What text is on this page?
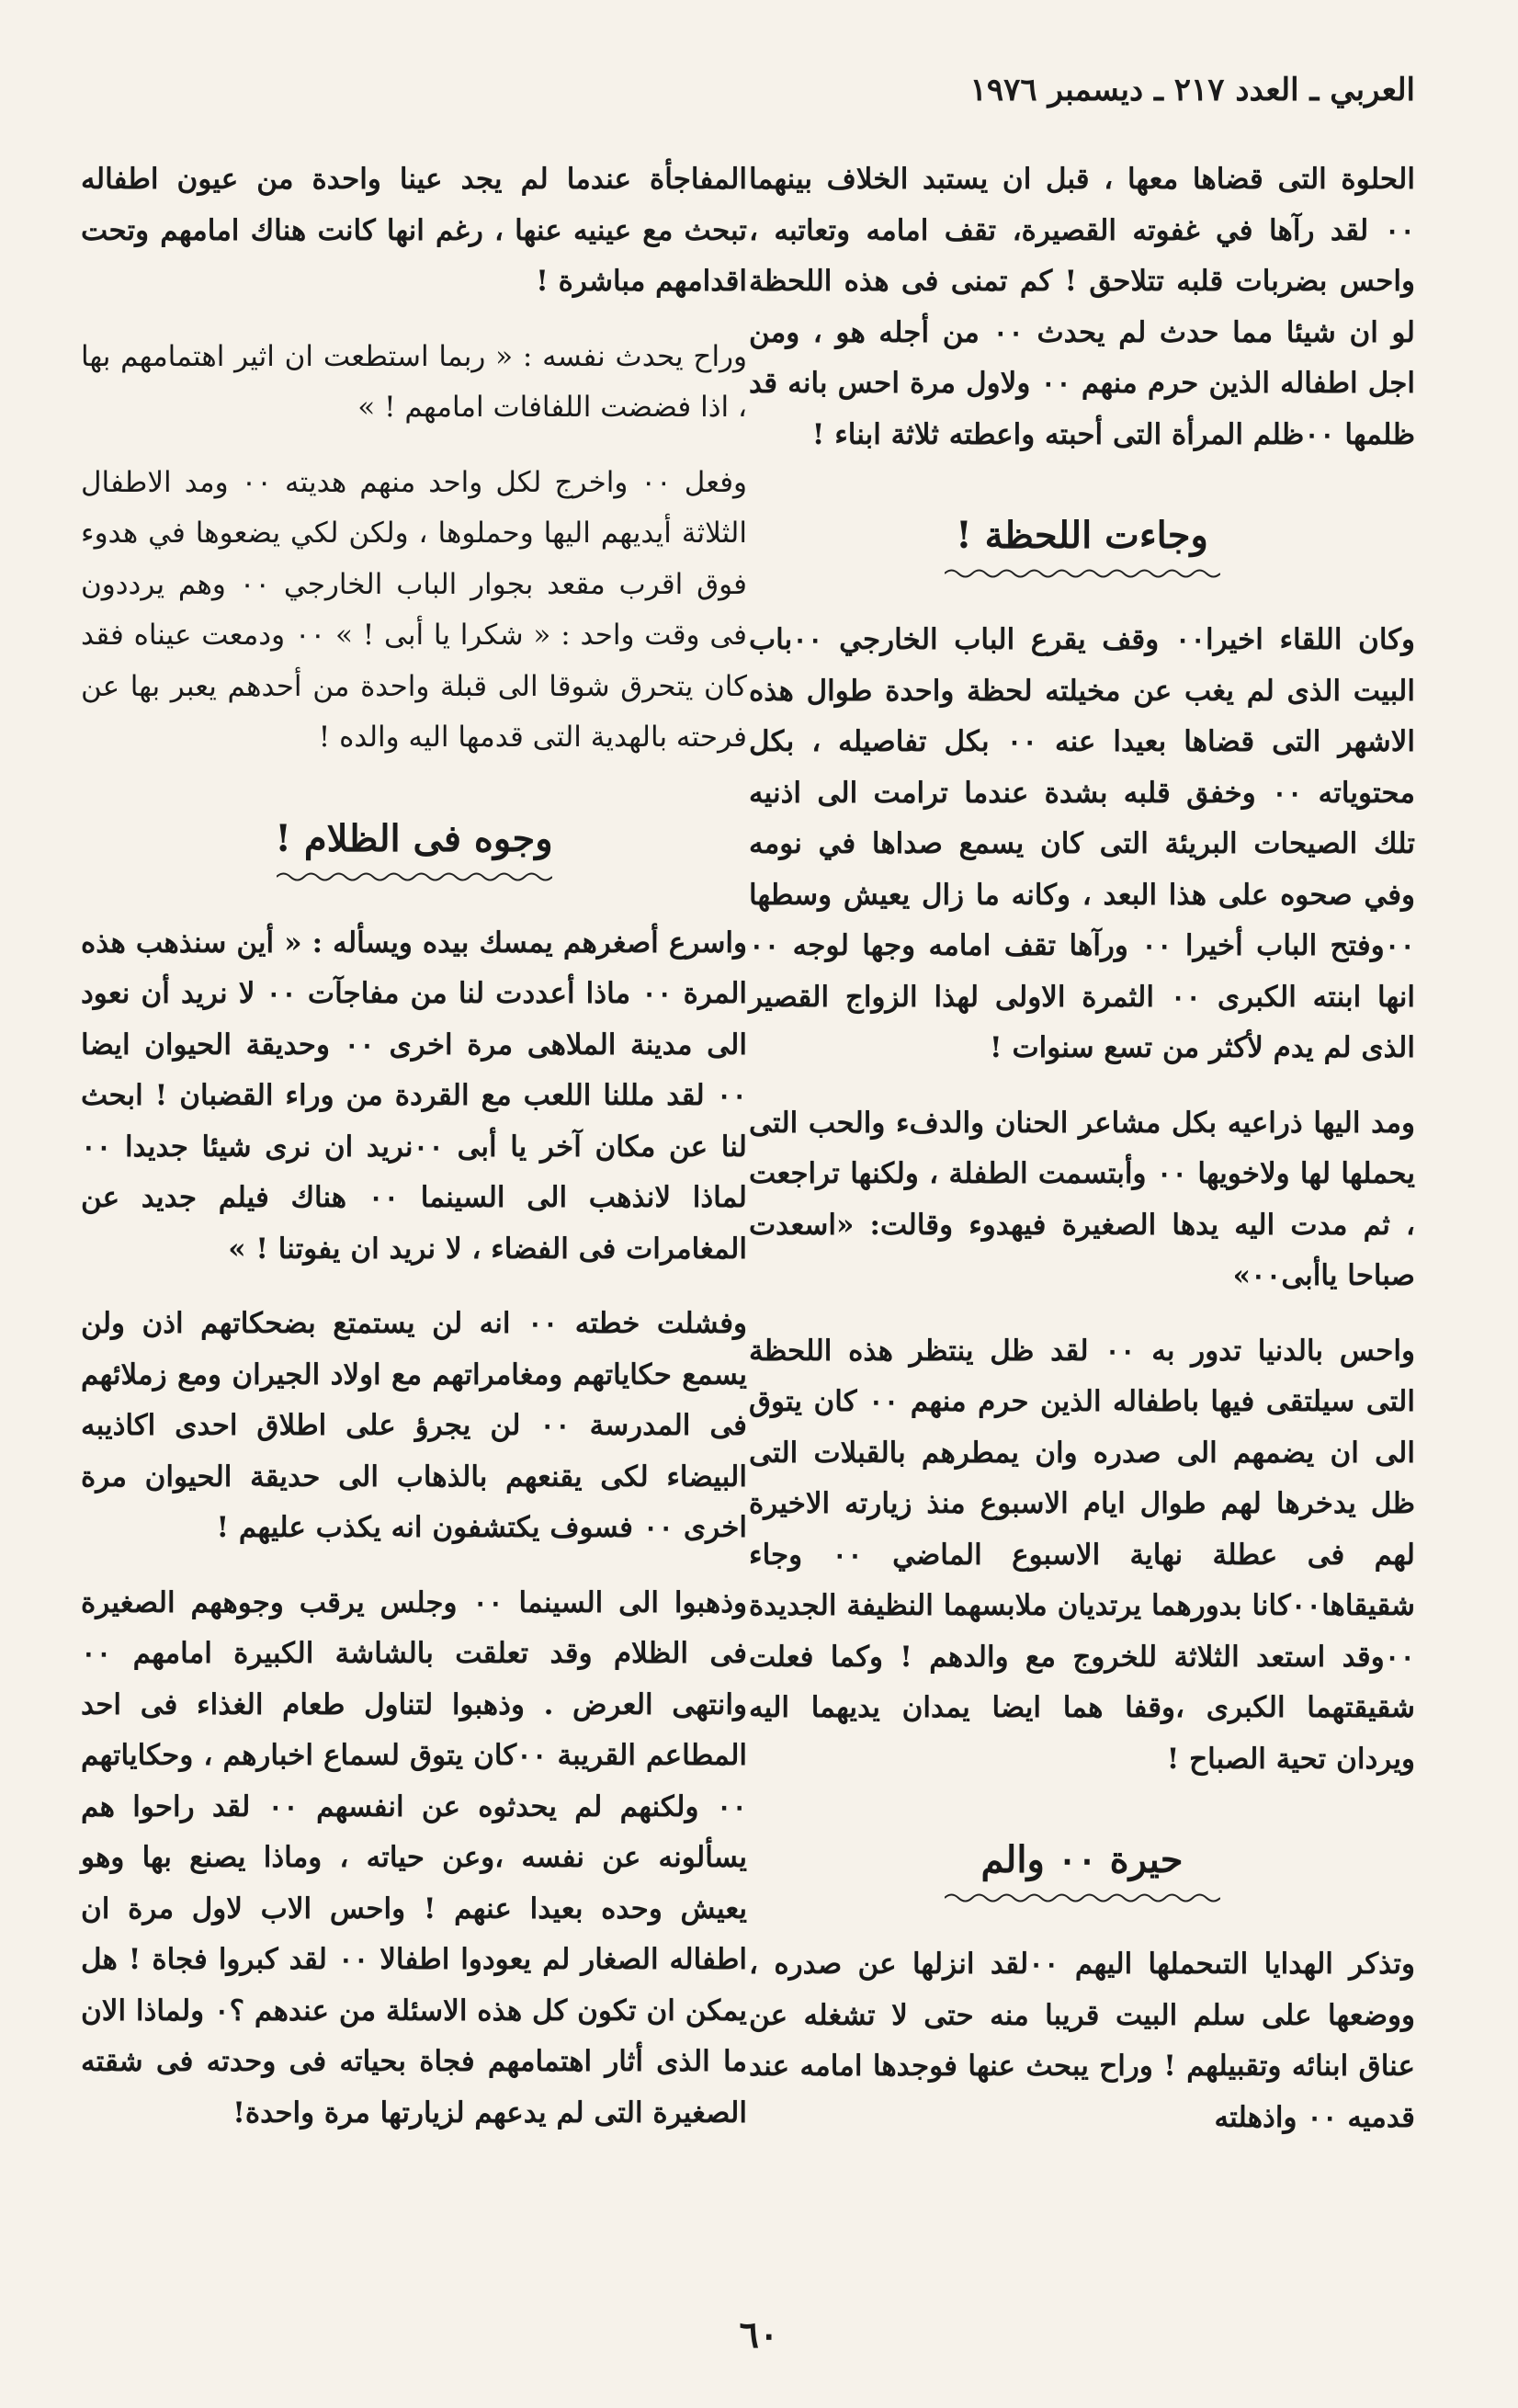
العربي ـ العدد ٢١٧ ـ ديسمبر ١٩٧٦

الحلوة التى قضاها معها ، قبل ان يستبد الخلاف بينهما ٠٠ لقد رآها في غفوته القصيرة، تقف امامه وتعاتبه ، واحس بضربات قلبه تتلاحق ! كم تمنى فى هذه اللحظة لو ان شيئا مما حدث لم يحدث ٠٠ من أجله هو ، ومن اجل اطفاله الذين حرم منهم ٠٠ ولاول مرة احس بانه قد ظلمها ٠٠ظلم المرأة التى أحبته واعطته ثلاثة ابناء !

وجاءت اللحظة !

وكان اللقاء اخيرا٠٠ وقف يقرع الباب الخارجي ٠٠باب البيت الذى لم يغب عن مخيلته لحظة واحدة طوال هذه الاشهر التى قضاها بعيدا عنه ٠٠ بكل تفاصيله ، بكل محتوياته ٠٠ وخفق قلبه بشدة عندما ترامت الى اذنيه تلك الصيحات البريئة التى كان يسمع صداها في نومه وفي صحوه على هذا البعد ، وكانه ما زال يعيش وسطها ٠٠وفتح الباب أخيرا ٠٠ ورآها تقف امامه وجها لوجه ٠٠ انها ابنته الكبرى ٠٠ الثمرة الاولى لهذا الزواج القصير الذى لم يدم لأكثر من تسع سنوات !

ومد اليها ذراعيه بكل مشاعر الحنان والدفء والحب التى يحملها لها ولاخويها ٠٠ وأبتسمت الطفلة ، ولكنها تراجعت ، ثم مدت اليه يدها الصغيرة فيهدوء وقالت: «اسعدت صباحا ياأبى٠٠»

واحس بالدنيا تدور به ٠٠ لقد ظل ينتظر هذه اللحظة التى سيلتقى فيها باطفاله الذين حرم منهم ٠٠ كان يتوق الى ان يضمهم الى صدره وان يمطرهم بالقبلات التى ظل يدخرها لهم طوال ايام الاسبوع منذ زيارته الاخيرة لهم فى عطلة نهاية الاسبوع الماضي ٠٠ وجاء شقيقاها٠٠كانا بدورهما يرتديان ملابسهما النظيفة الجديدة ٠٠وقد استعد الثلاثة للخروج مع والدهم ! وكما فعلت شقيقتهما الكبرى ،وقفا هما ايضا يمدان يديهما اليه ويردان تحية الصباح !

حيرة ٠٠ والم

وتذكر الهدايا التىحملها اليهم ٠٠لقد انزلها عن صدره ، ووضعها على سلم البيت قريبا منه حتى لا تشغله عن عناق ابنائه وتقبيلهم ! وراح يبحث عنها فوجدها امامه عند قدميه ٠٠ واذهلته

المفاجأة عندما لم يجد عينا واحدة من عيون اطفاله تبحث مع عينيه عنها ، رغم انها كانت هناك امامهم وتحت اقدامهم مباشرة !

وراح يحدث نفسه : « ربما استطعت ان اثير اهتمامهم بها ، اذا فضضت اللفافات امامهم ! »

وفعل ٠٠ واخرج لكل واحد منهم هديته ٠٠ ومد الاطفال الثلاثة أيديهم اليها وحملوها ، ولكن لكي يضعوها في هدوء فوق اقرب مقعد بجوار الباب الخارجي ٠٠ وهم يرددون فى وقت واحد : « شكرا يا أبى ! » ٠٠ ودمعت عيناه فقد كان يتحرق شوقا الى قبلة واحدة من أحدهم يعبر بها عن فرحته بالهدية التى قدمها اليه والده !

وجوه فى الظلام !

واسرع أصغرهم يمسك بيده ويسأله : « أين سنذهب هذه المرة ٠٠ ماذا أعددت لنا من مفاجآت ٠٠ لا نريد أن نعود الى مدينة الملاهى مرة اخرى ٠٠ وحديقة الحيوان ايضا ٠٠ لقد مللنا اللعب مع القردة من وراء القضبان ! ابحث لنا عن مكان آخر يا أبى ٠٠نريد ان نرى شيئا جديدا ٠٠ لماذا لانذهب الى السينما ٠٠ هناك فيلم جديد عن المغامرات فى الفضاء ، لا نريد ان يفوتنا ! »

وفشلت خطته ٠٠ انه لن يستمتع بضحكاتهم اذن ولن يسمع حكاياتهم ومغامراتهم مع اولاد الجيران ومع زملائهم فى المدرسة ٠٠ لن يجرؤ على اطلاق احدى اكاذيبه البيضاء لكى يقنعهم بالذهاب الى حديقة الحيوان مرة اخرى ٠٠ فسوف يكتشفون انه يكذب عليهم !

وذهبوا الى السينما ٠٠ وجلس يرقب وجوههم الصغيرة فى الظلام وقد تعلقت بالشاشة الكبيرة امامهم ٠٠ وانتهى العرض . وذهبوا لتناول طعام الغذاء فى احد المطاعم القريبة ٠٠كان يتوق لسماع اخبارهم ، وحكاياتهم ٠٠ ولكنهم لم يحدثوه عن انفسهم ٠٠ لقد راحوا هم يسألونه عن نفسه ،وعن حياته ، وماذا يصنع بها وهو يعيش وحده بعيدا عنهم ! واحس الاب لاول مرة ان اطفاله الصغار لم يعودوا اطفالا ٠٠ لقد كبروا فجاة ! هل يمكن ان تكون كل هذه الاسئلة من عندهم ؟٠ ولماذا الان ما الذى أثار اهتمامهم فجاة بحياته فى وحدته فى شقته الصغيرة التى لم يدعهم لزيارتها مرة واحدة!

٦٠
